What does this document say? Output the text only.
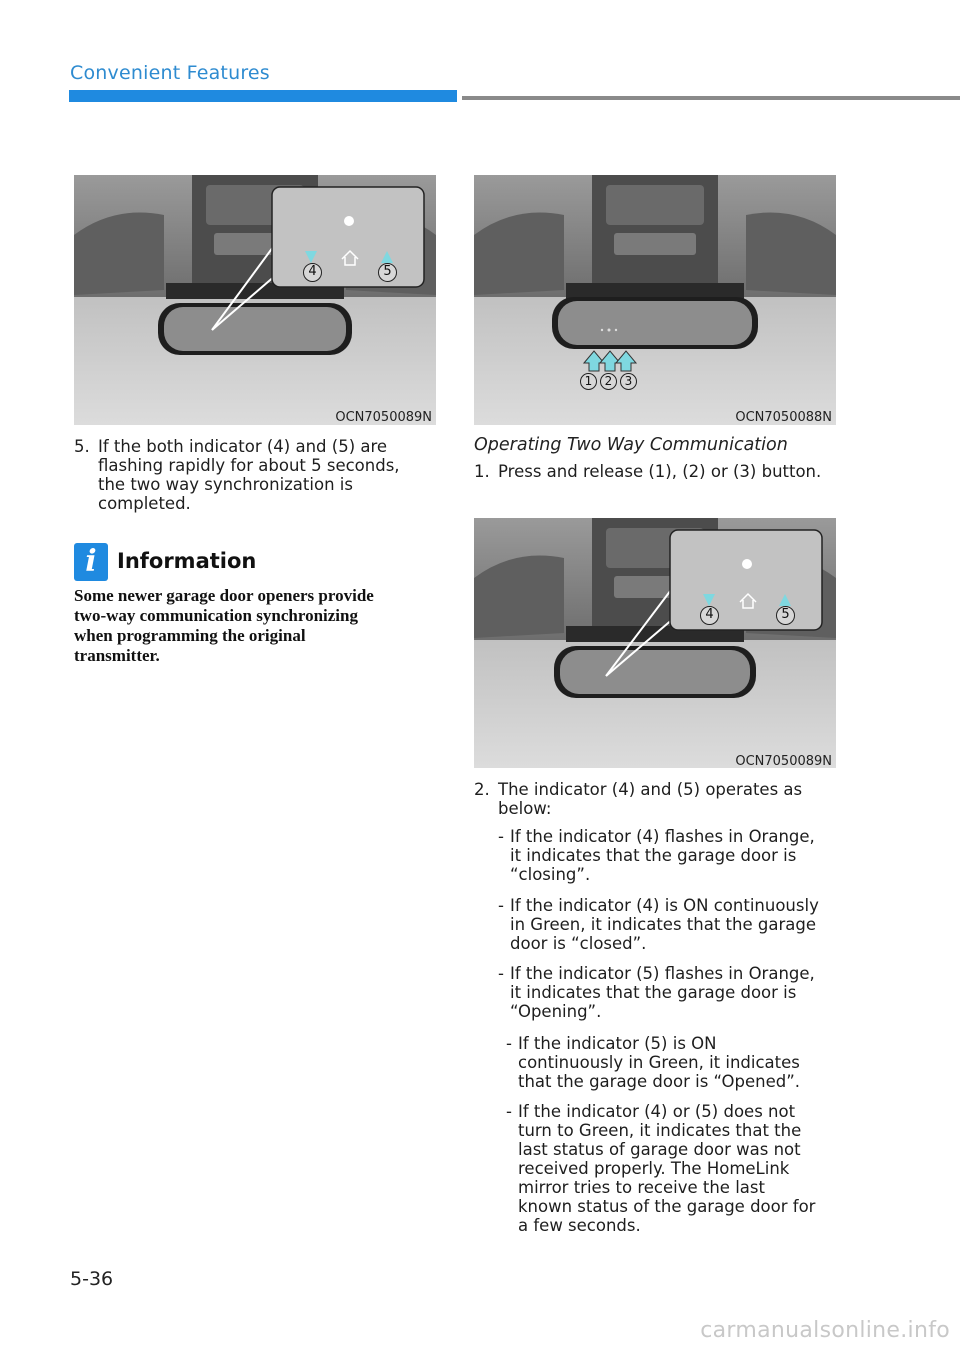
Convenient Features
4	5
OCN7050089N
1	2	3
OCN7050088N
5. If the both indicator (4) and (5) are
flashing rapidly for about 5 seconds,
the two way synchronization is
completed.
i Information
Some newer garage door openers provide
two-way communication synchronizing
when programming the original
transmitter.
Operating Two Way Communication
1. Press and release (1), (2) or (3) button.
4	5
OCN7050089N
2. The indicator (4) and (5) operates as
below:
- If the indicator (4) flashes in Orange,
it indicates that the garage door is
“closing”.
- If the indicator (4) is ON continuously
in Green, it indicates that the garage
door is “closed”.
- If the indicator (5) flashes in Orange,
it indicates that the garage door is
“Opening”.
- If the indicator (5) is ON
continuously in Green, it indicates
that the garage door is “Opened”.
- If the indicator (4) or (5) does not
turn to Green, it indicates that the
last status of garage door was not
received properly. The HomeLink
mirror tries to receive the last
known status of the garage door for
a few seconds.
5-36
carmanualsonline.info
